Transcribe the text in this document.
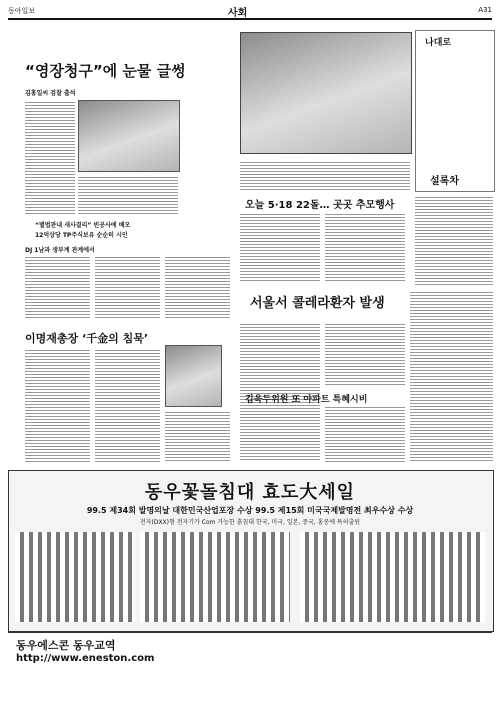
동아일보	사회	A31
“영장청구”에 눈물 글썽
김홍일씨 검찰 출석
“별법관내 새사결리” 빈공사에 배모
12억상당 TP주식보유 순순히 시인
DJ 1남과 생부계 관계에서
이명재총장 ‘千金의 침묵’
오늘 5·18 22돌… 곳곳 추모행사
나대로
설록차
서울서 콜레라환자 발생
김욱두위원 또 아파트 특혜시비
동우꽃돌침대 효도大세일
99.5 제34회 발명의날 대한민국산업포장 수상 99.5 제15회 미국국제발명전 최우수상 수상
전자(DXX)형 전자기가 Com 가능한 흙침대 한국, 미국, 일본, 중국, 홍콩에 특허출원
동우에스콘 동우교역
http://www.eneston.com
